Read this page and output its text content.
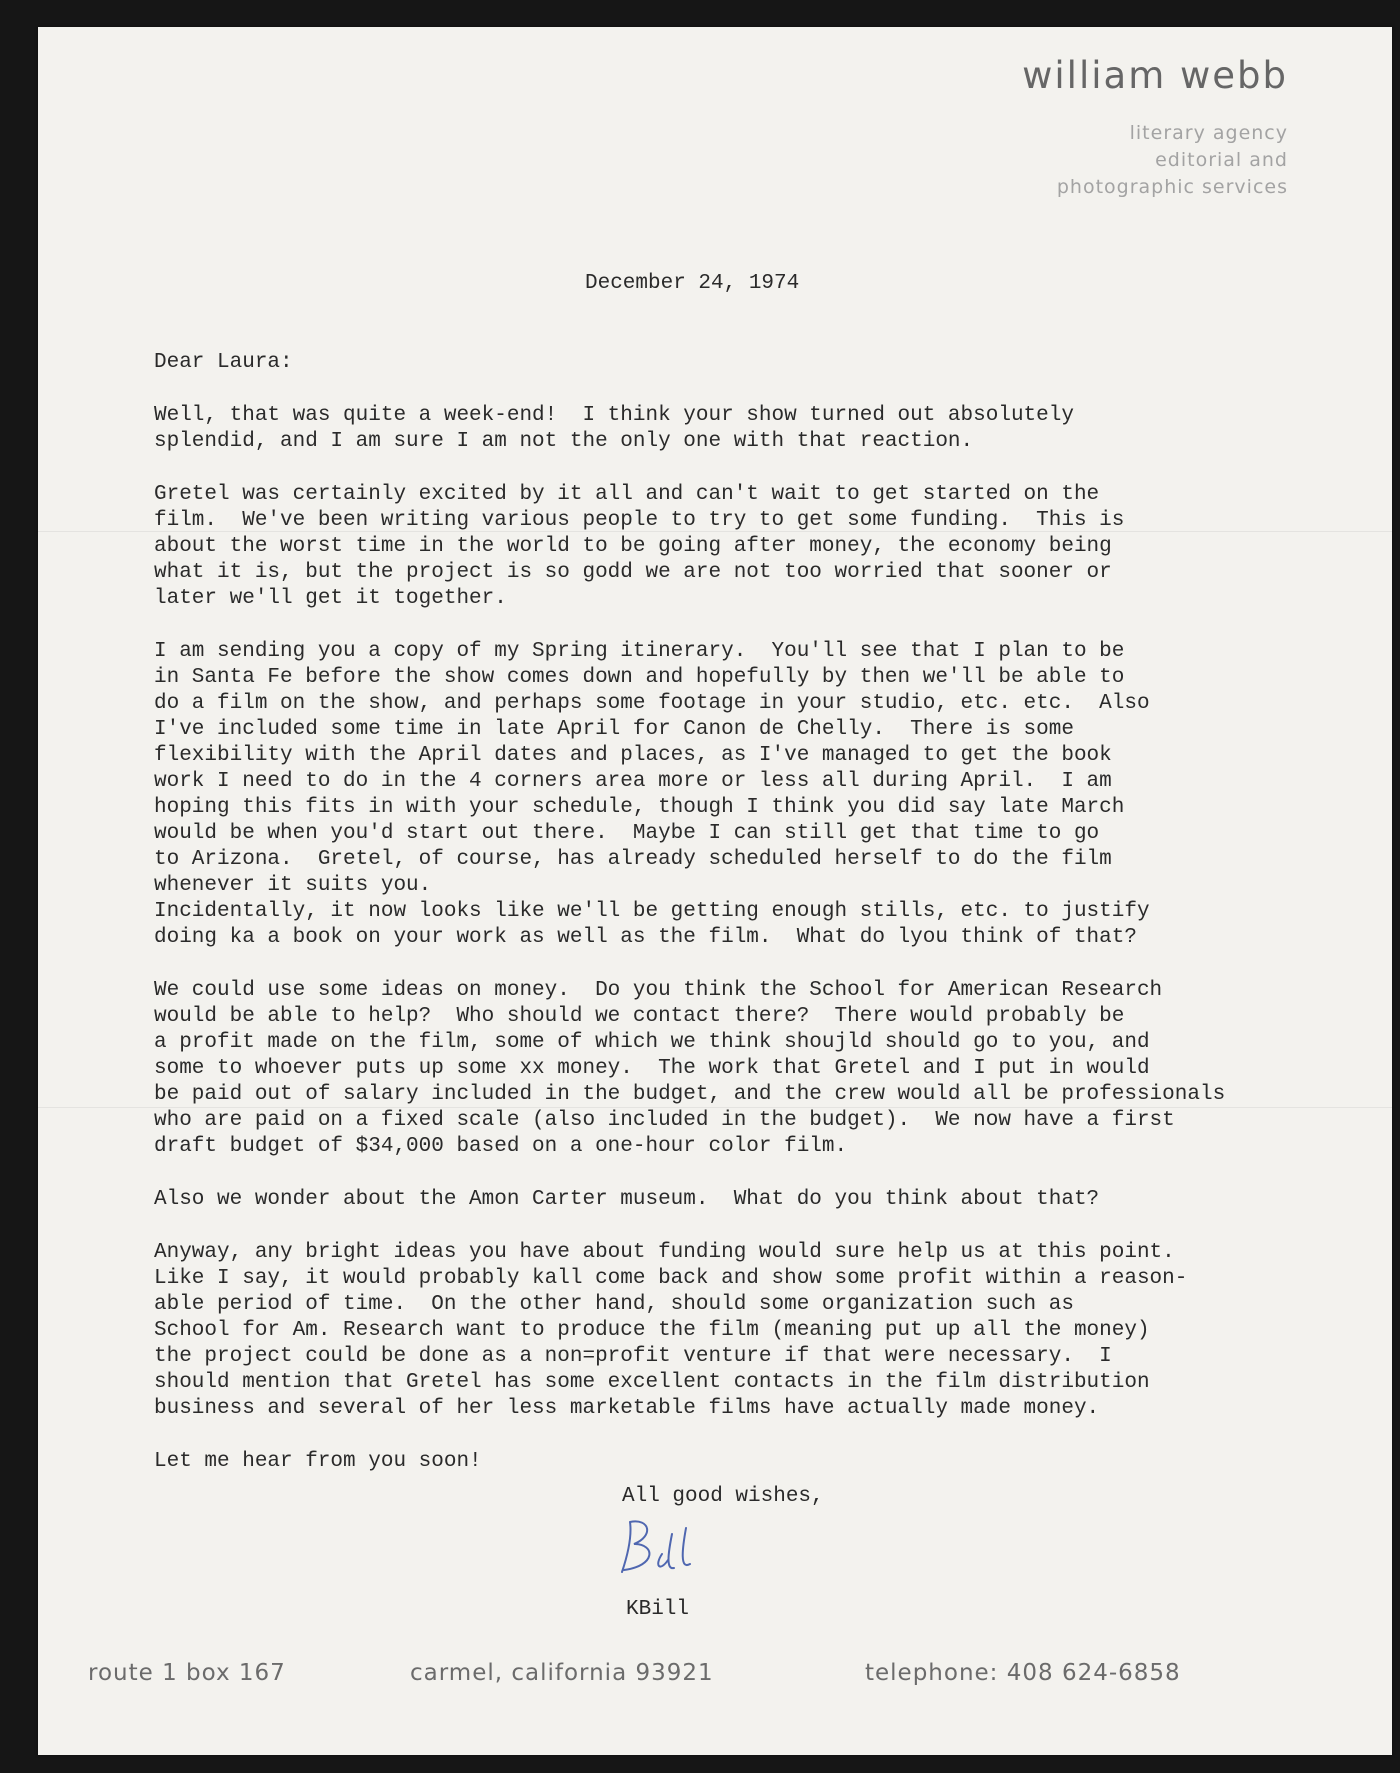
william webb
literary agency
editorial and
photographic services
December 24, 1974
Dear Laura:
Well, that was quite a week-end!  I think your show turned out absolutely
splendid, and I am sure I am not the only one with that reaction.
Gretel was certainly excited by it all and can't wait to get started on the
film.  We've been writing various people to try to get some funding.  This is
about the worst time in the world to be going after money, the economy being
what it is, but the project is so godd we are not too worried that sooner or
later we'll get it together.
I am sending you a copy of my Spring itinerary.  You'll see that I plan to be
in Santa Fe before the show comes down and hopefully by then we'll be able to
do a film on the show, and perhaps some footage in your studio, etc. etc.  Also
I've included some time in late April for Canon de Chelly.  There is some
flexibility with the April dates and places, as I've managed to get the book
work I need to do in the 4 corners area more or less all during April.  I am
hoping this fits in with your schedule, though I think you did say late March
would be when you'd start out there.  Maybe I can still get that time to go
to Arizona.  Gretel, of course, has already scheduled herself to do the film
whenever it suits you.
Incidentally, it now looks like we'll be getting enough stills, etc. to justify
doing ka a book on your work as well as the film.  What do lyou think of that?
We could use some ideas on money.  Do you think the School for American Research
would be able to help?  Who should we contact there?  There would probably be
a profit made on the film, some of which we think shoujld should go to you, and
some to whoever puts up some xx money.  The work that Gretel and I put in would
be paid out of salary included in the budget, and the crew would all be professionals
who are paid on a fixed scale (also included in the budget).  We now have a first
draft budget of $34,000 based on a one-hour color film.
Also we wonder about the Amon Carter museum.  What do you think about that?
Anyway, any bright ideas you have about funding would sure help us at this point.
Like I say, it would probably kall come back and show some profit within a reason-
able period of time.  On the other hand, should some organization such as
School for Am. Research want to produce the film (meaning put up all the money)
the project could be done as a non=profit venture if that were necessary.  I
should mention that Gretel has some excellent contacts in the film distribution
business and several of her less marketable films have actually made money.
Let me hear from you soon!
All good wishes,
KBill
route 1 box 167	carmel, california 93921	telephone: 408 624-6858
